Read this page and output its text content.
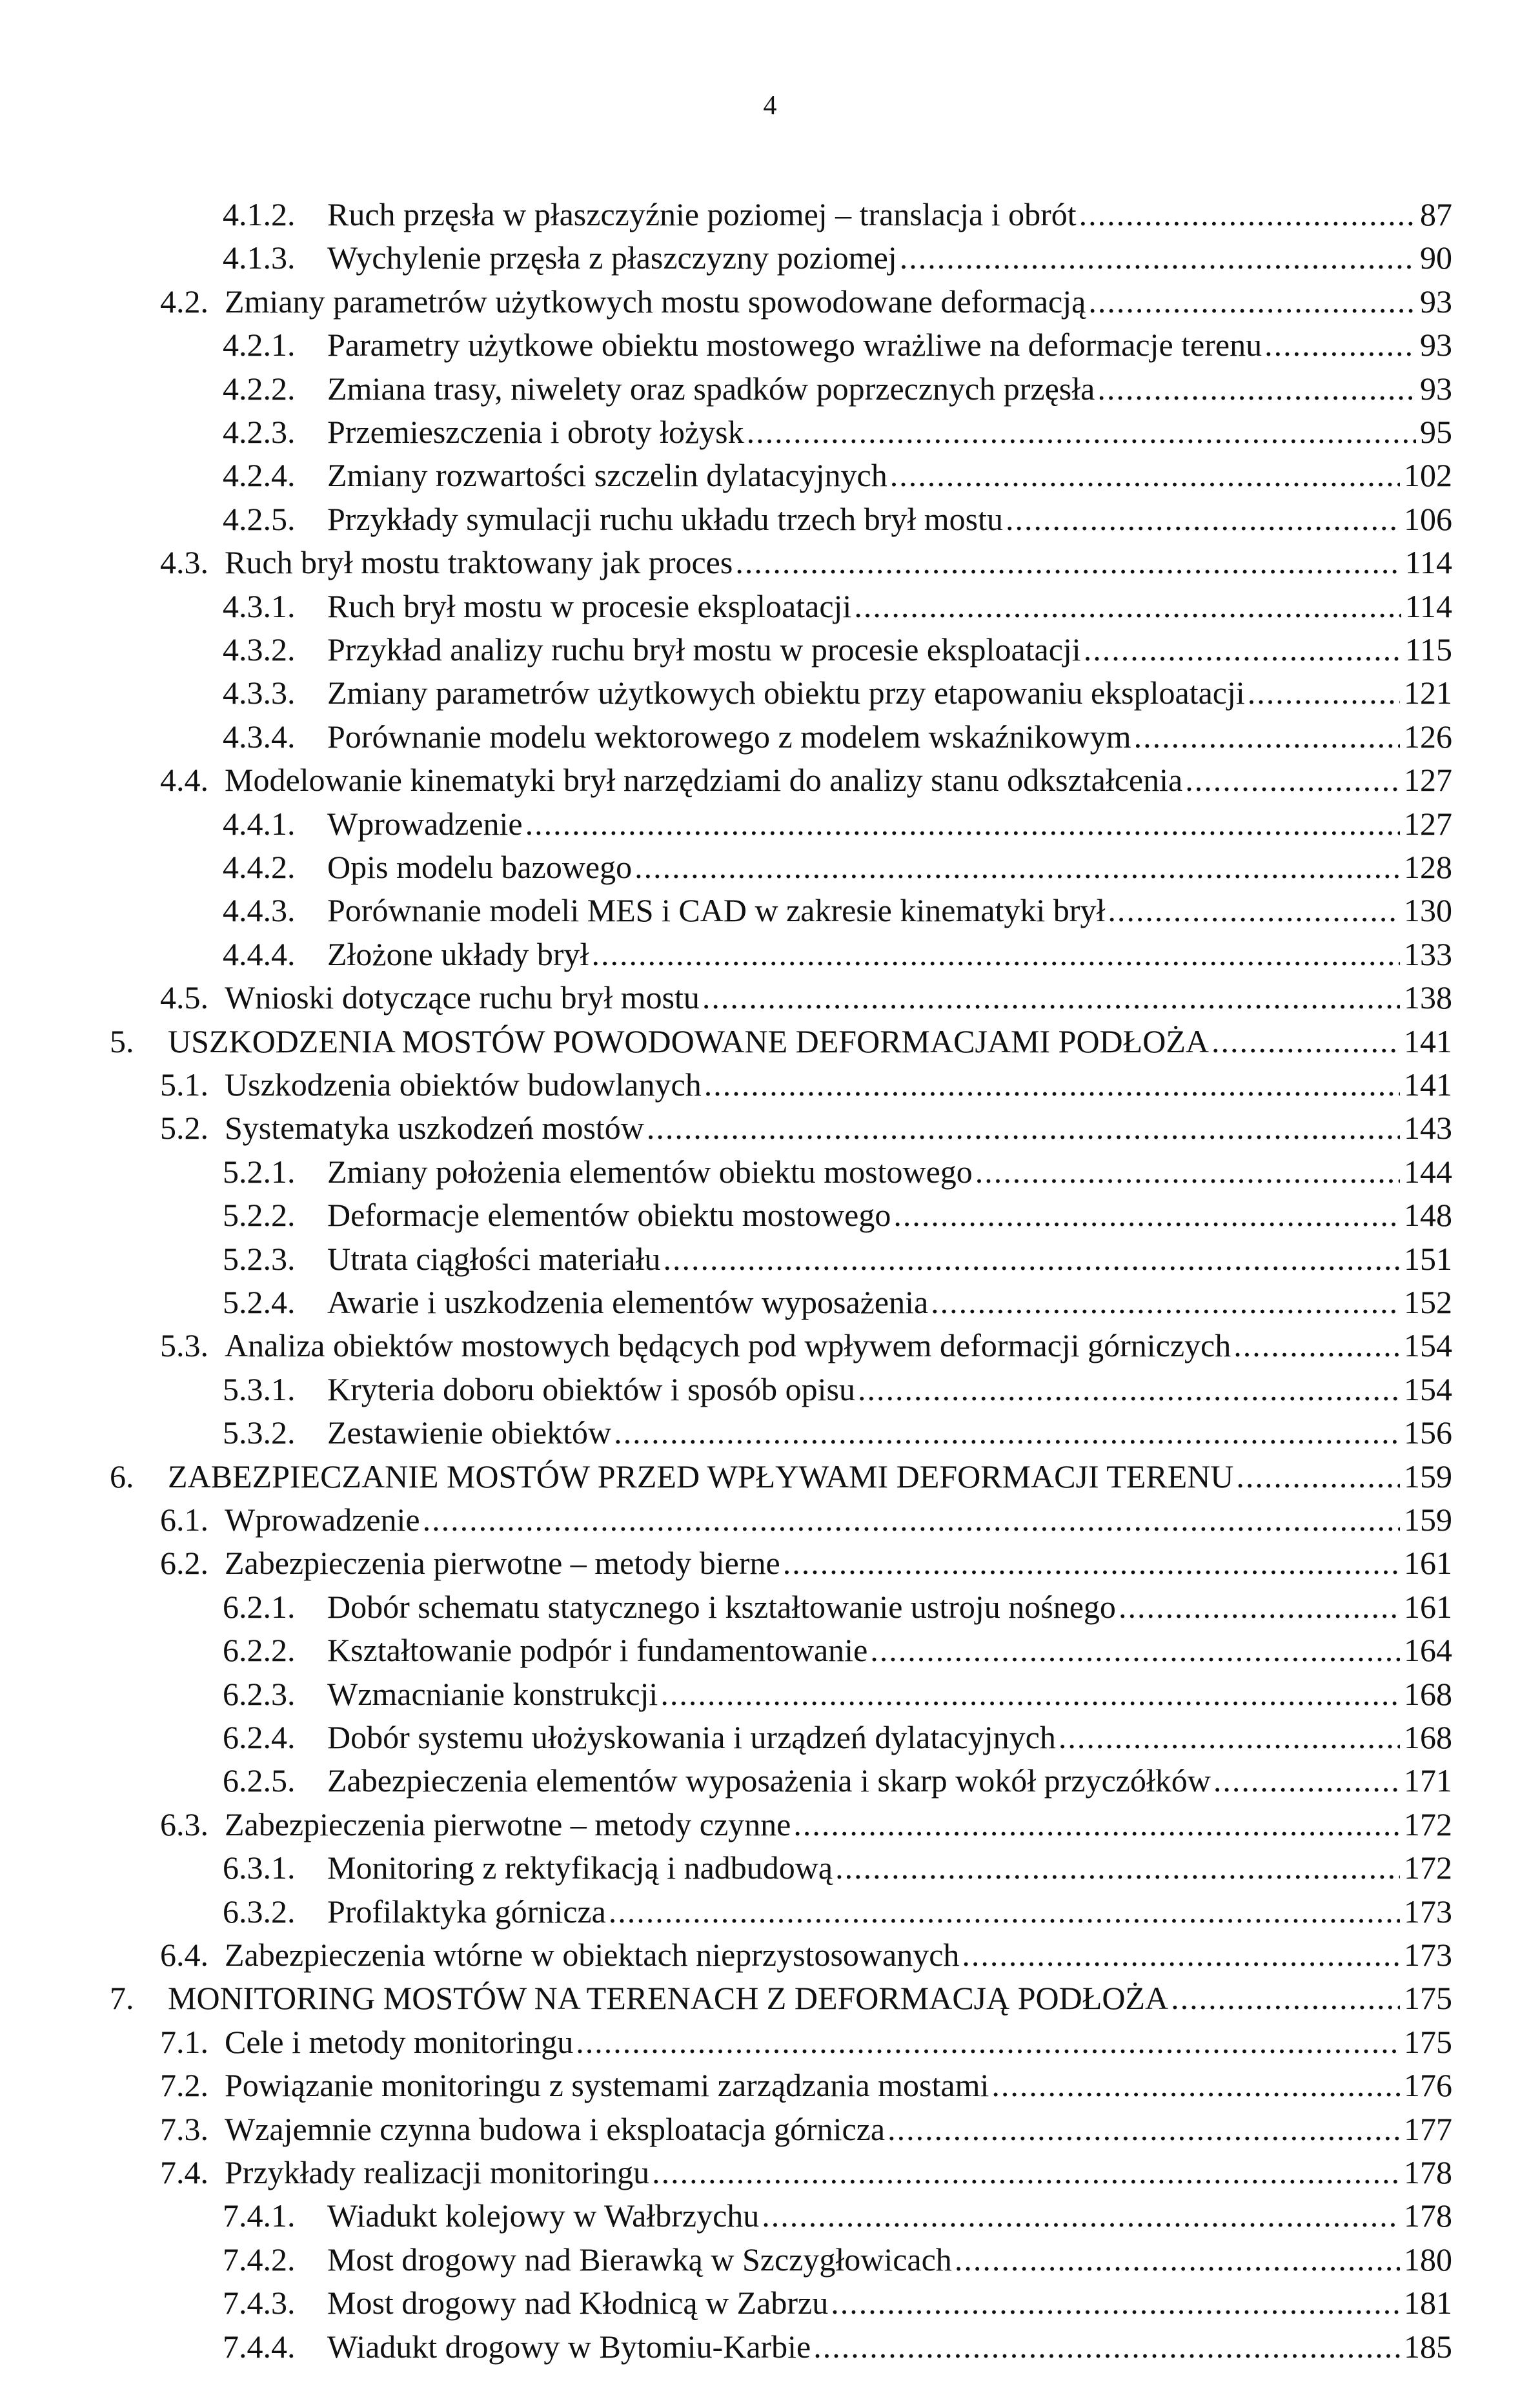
4
4.1.2. Ruch przęsła w płaszczyźnie poziomej – translacja i obrót .....	87
4.1.3. Wychylenie przęsła z płaszczyzny poziomej .....	90
4.2. Zmiany parametrów użytkowych mostu spowodowane deformacją .....	93
4.2.1. Parametry użytkowe obiektu mostowego wrażliwe na deformacje terenu .....	93
4.2.2. Zmiana trasy, niwelety oraz spadków poprzecznych przęsła .....	93
4.2.3. Przemieszczenia i obroty łożysk .....	95
4.2.4. Zmiany rozwartości szczelin dylatacyjnych .....	102
4.2.5. Przykłady symulacji ruchu układu trzech brył mostu .....	106
4.3. Ruch brył mostu traktowany jak proces .....	114
4.3.1. Ruch brył mostu w procesie eksploatacji .....	114
4.3.2. Przykład analizy ruchu brył mostu w procesie eksploatacji .....	115
4.3.3. Zmiany parametrów użytkowych obiektu przy etapowaniu eksploatacji .....	121
4.3.4. Porównanie modelu wektorowego z modelem wskaźnikowym .....	126
4.4. Modelowanie kinematyki brył narzędziami do analizy stanu odkształcenia .....	127
4.4.1. Wprowadzenie .....	127
4.4.2. Opis modelu bazowego .....	128
4.4.3. Porównanie modeli MES i CAD w zakresie kinematyki brył .....	130
4.4.4. Złożone układy brył .....	133
4.5. Wnioski dotyczące ruchu brył mostu .....	138
5.	USZKODZENIA MOSTÓW POWODOWANE DEFORMACJAMI PODŁOŻA .....	141
5.1. Uszkodzenia obiektów budowlanych .....	141
5.2. Systematyka uszkodzeń mostów .....	143
5.2.1. Zmiany położenia elementów obiektu mostowego .....	144
5.2.2. Deformacje elementów obiektu mostowego .....	148
5.2.3. Utrata ciągłości materiału .....	151
5.2.4. Awarie i uszkodzenia elementów wyposażenia .....	152
5.3. Analiza obiektów mostowych będących pod wpływem deformacji górniczych .....	154
5.3.1. Kryteria doboru obiektów i sposób opisu .....	154
5.3.2. Zestawienie obiektów .....	156
6.	ZABEZPIECZANIE MOSTÓW PRZED WPŁYWAMI DEFORMACJI TERENU .....	159
6.1. Wprowadzenie .....	159
6.2. Zabezpieczenia pierwotne – metody bierne .....	161
6.2.1. Dobór schematu statycznego i kształtowanie ustroju nośnego .....	161
6.2.2. Kształtowanie podpór i fundamentowanie .....	164
6.2.3. Wzmacnianie konstrukcji .....	168
6.2.4. Dobór systemu ułożyskowania i urządzeń dylatacyjnych .....	168
6.2.5. Zabezpieczenia elementów wyposażenia i skarp wokół przyczółków .....	171
6.3. Zabezpieczenia pierwotne – metody czynne .....	172
6.3.1. Monitoring z rektyfikacją i nadbudową .....	172
6.3.2. Profilaktyka górnicza .....	173
6.4. Zabezpieczenia wtórne w obiektach nieprzystosowanych .....	173
7.	MONITORING MOSTÓW NA TERENACH Z DEFORMACJĄ PODŁOŻA .....	175
7.1. Cele i metody monitoringu .....	175
7.2. Powiązanie monitoringu z systemami zarządzania mostami .....	176
7.3. Wzajemnie czynna budowa i eksploatacja górnicza .....	177
7.4. Przykłady realizacji monitoringu .....	178
7.4.1. Wiadukt kolejowy w Wałbrzychu .....	178
7.4.2. Most drogowy nad Bierawką w Szczygłowicach .....	180
7.4.3. Most drogowy nad Kłodnicą w Zabrzu .....	181
7.4.4. Wiadukt drogowy w Bytomiu-Karbie .....	185
